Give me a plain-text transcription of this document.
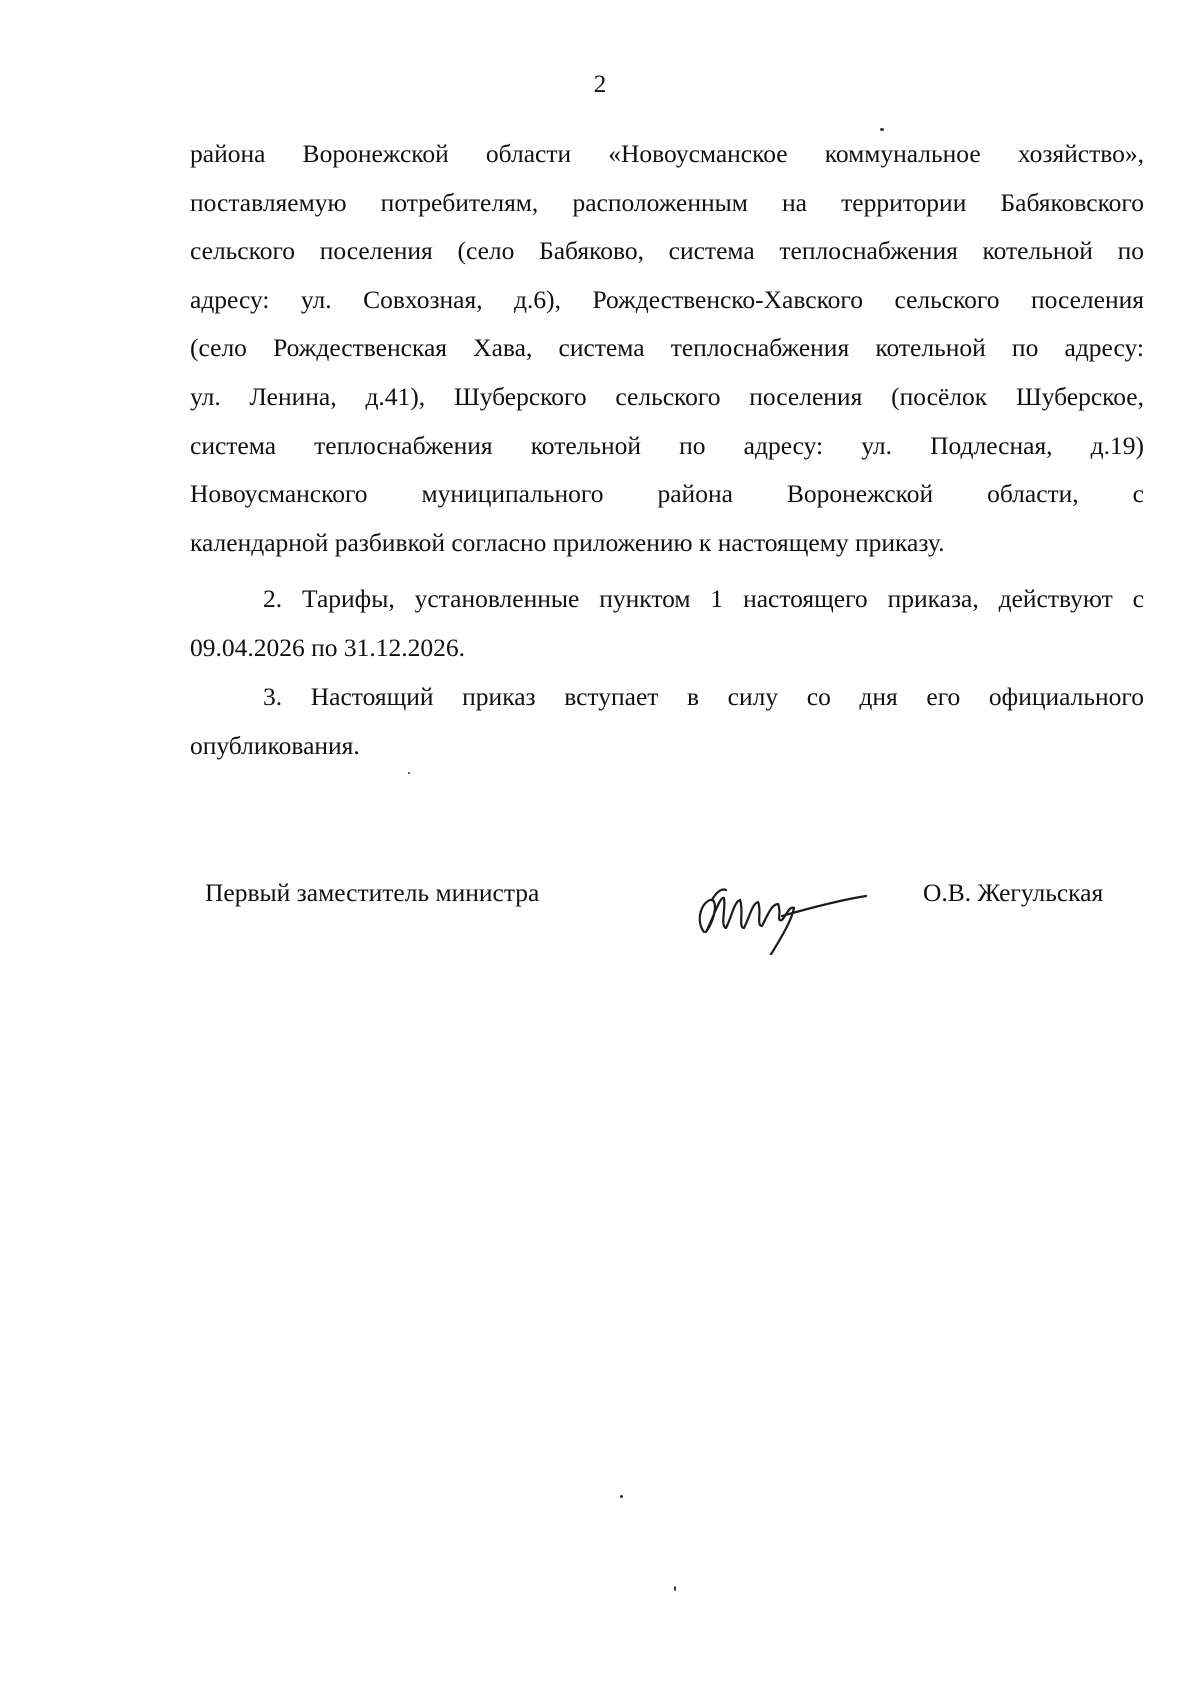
2
района Воронежской области «Новоусманское коммунальное хозяйство»,
поставляемую потребителям, расположенным на территории Бабяковского
сельского поселения (село Бабяково, система теплоснабжения котельной по
адресу: ул. Совхозная, д.6), Рождественско-Хавского сельского поселения
(село Рождественская Хава, система теплоснабжения котельной по адресу:
ул. Ленина, д.41), Шуберского сельского поселения (посёлок Шуберское,
система теплоснабжения котельной по адресу: ул. Подлесная, д.19)
Новоусманского муниципального района Воронежской области, с
календарной разбивкой согласно приложению к настоящему приказу.
2. Тарифы, установленные пунктом 1 настоящего приказа, действуют с
09.04.2026 по 31.12.2026.
3. Настоящий приказ вступает в силу со дня его официального
опубликования.
Первый заместитель министра	О.В. Жегульская
